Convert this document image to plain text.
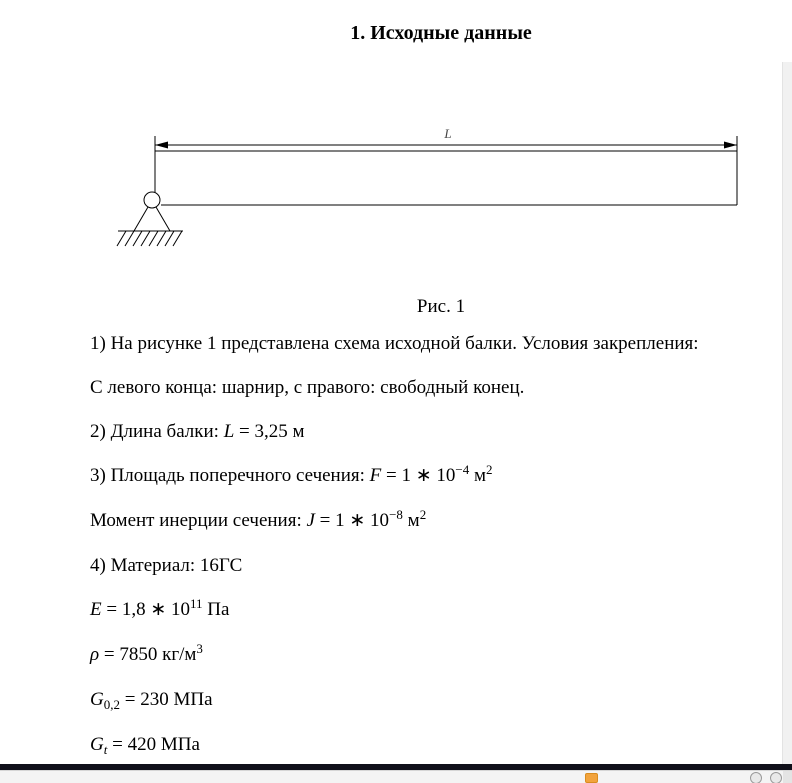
1. Исходные данные
L
Рис. 1

1) На рисунке 1 представлена схема исходной балки. Условия закрепления:

С левого конца: шарнир, с правого: свободный конец.

2) Длина балки: L = 3,25 м

3) Площадь поперечного сечения: F = 1 ∗ $10^{-4}$ $м^2$

Момент инерции сечения: J = 1 ∗ $10^{-8}$ $м^2$

4) Материал: 16ГС

E = 1,8 ∗ $10^{11}$ Па

ρ = 7850 $кг/м^3$

$G_{0,2} = 230$ МПа

$G_t = 420$ МПа
